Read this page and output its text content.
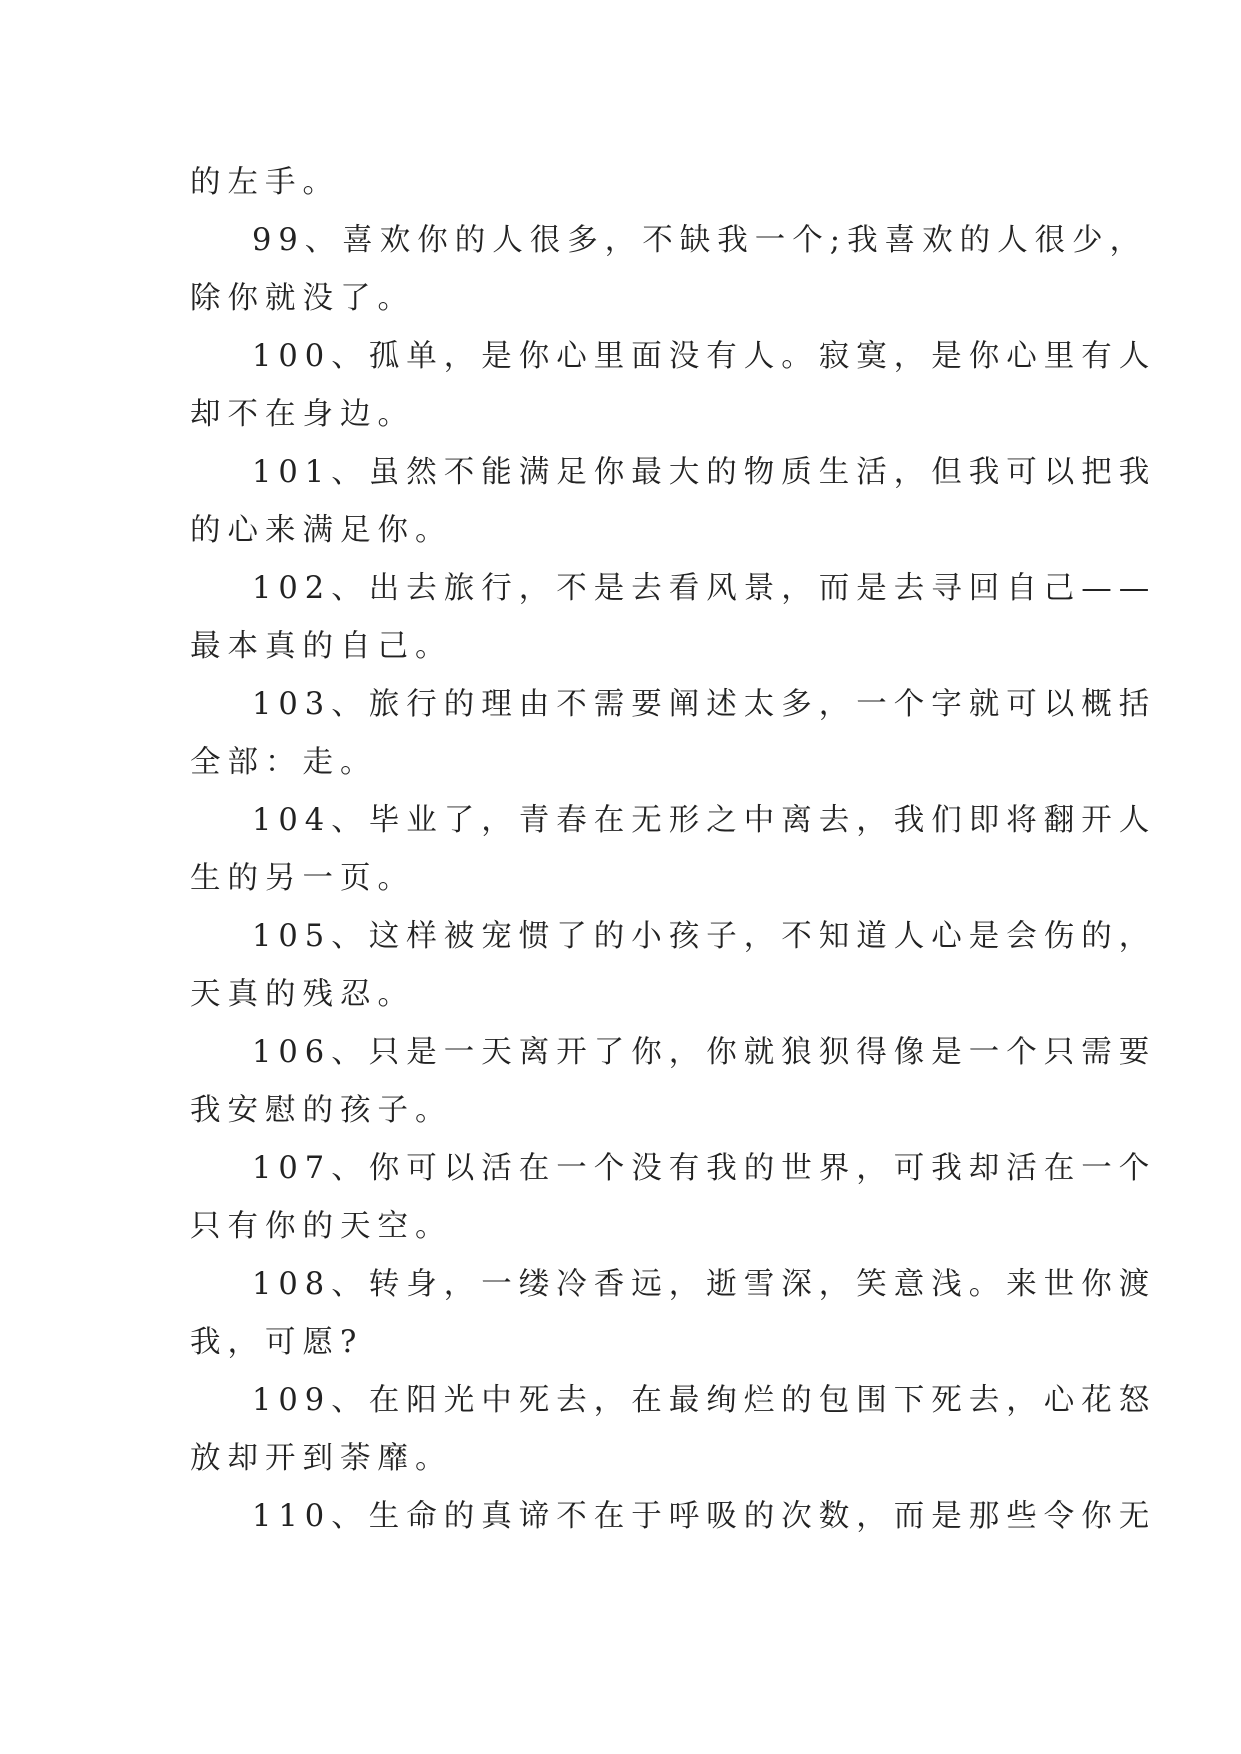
的左手。
99、喜欢你的人很多，不缺我一个;我喜欢的人很少，
除你就没了。
100、孤单，是你心里面没有人。寂寞，是你心里有人
却不在身边。
101、虽然不能满足你最大的物质生活，但我可以把我
的心来满足你。
102、出去旅行，不是去看风景，而是去寻回自己——
最本真的自己。
103、旅行的理由不需要阐述太多，一个字就可以概括
全部：走。
104、毕业了，青春在无形之中离去，我们即将翻开人
生的另一页。
105、这样被宠惯了的小孩子，不知道人心是会伤的，
天真的残忍。
106、只是一天离开了你，你就狼狈得像是一个只需要
我安慰的孩子。
107、你可以活在一个没有我的世界，可我却活在一个
只有你的天空。
108、转身，一缕冷香远，逝雪深，笑意浅。来世你渡
我，可愿?
109、在阳光中死去，在最绚烂的包围下死去，心花怒
放却开到荼靡。
110、生命的真谛不在于呼吸的次数，而是那些令你无
